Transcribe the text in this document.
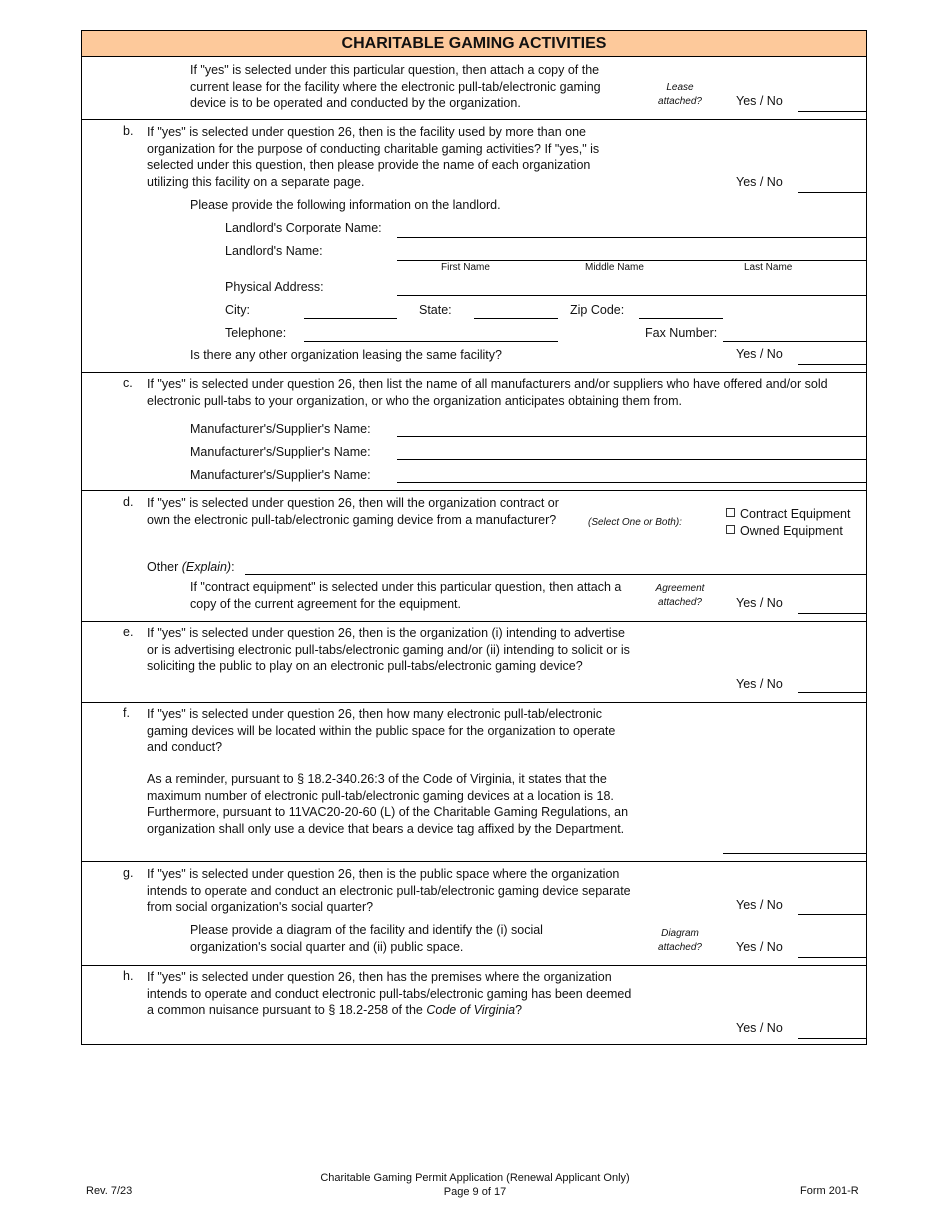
CHARITABLE GAMING ACTIVITIES
If "yes" is selected under this particular question, then attach a copy of the current lease for the facility where the electronic pull-tab/electronic gaming device is to be operated and conducted by the organization.
Lease attached?	Yes / No
b. If "yes" is selected under question 26, then is the facility used by more than one organization for the purpose of conducting charitable gaming activities? If "yes," is selected under this question, then please provide the name of each organization utilizing this facility on a separate page.	Yes / No
Please provide the following information on the landlord.
Landlord's Corporate Name:
Landlord's Name:
First Name	Middle Name	Last Name
Physical Address:
City:	State:	Zip Code:
Telephone:	Fax Number:
Is there any other organization leasing the same facility?	Yes / No
c. If "yes" is selected under question 26, then list the name of all manufacturers and/or suppliers who have offered and/or sold electronic pull-tabs to your organization, or who the organization anticipates obtaining them from.
Manufacturer's/Supplier's Name:
Manufacturer's/Supplier's Name:
Manufacturer's/Supplier's Name:
d. If "yes" is selected under question 26, then will the organization contract or own the electronic pull-tab/electronic gaming device from a manufacturer?	(Select One or Both):
Contract Equipment
Owned Equipment
Other (Explain):
If "contract equipment" is selected under this particular question, then attach a copy of the current agreement for the equipment.
Agreement attached?	Yes / No
e. If "yes" is selected under question 26, then is the organization (i) intending to advertise or is advertising electronic pull-tabs/electronic gaming and/or (ii) intending to solicit or is soliciting the public to play on an electronic pull-tabs/electronic gaming device?
Yes / No
f. If "yes" is selected under question 26, then how many electronic pull-tab/electronic gaming devices will be located within the public space for the organization to operate and conduct?
As a reminder, pursuant to § 18.2-340.26:3 of the Code of Virginia, it states that the maximum number of electronic pull-tab/electronic gaming devices at a location is 18. Furthermore, pursuant to 11VAC20-20-60 (L) of the Charitable Gaming Regulations, an organization shall only use a device that bears a device tag affixed by the Department.
g. If "yes" is selected under question 26, then is the public space where the organization intends to operate and conduct an electronic pull-tab/electronic gaming device separate from social organization's social quarter?	Yes / No
Please provide a diagram of the facility and identify the (i) social organization's social quarter and (ii) public space.
Diagram attached?	Yes / No
h. If "yes" is selected under question 26, then has the premises where the organization intends to operate and conduct electronic pull-tabs/electronic gaming has been deemed a common nuisance pursuant to § 18.2-258 of the Code of Virginia?
Yes / No
Rev. 7/23
Charitable Gaming Permit Application (Renewal Applicant Only)
Page 9 of 17	Form 201-R
